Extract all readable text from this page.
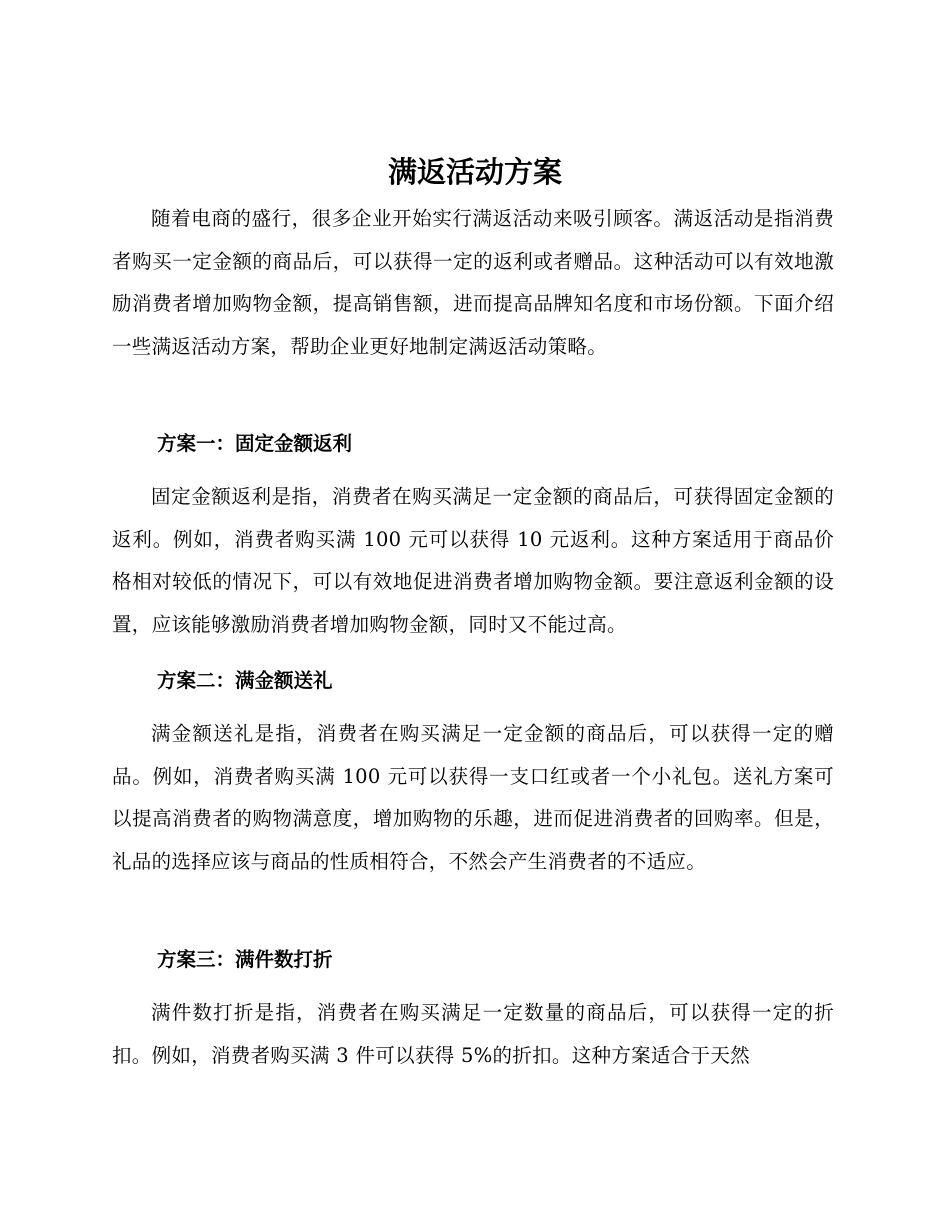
满返活动方案

随着电商的盛行，很多企业开始实行满返活动来吸引顾客。满返活动是指消费者购买一定金额的商品后，可以获得一定的返利或者赠品。这种活动可以有效地激励消费者增加购物金额，提高销售额，进而提高品牌知名度和市场份额。下面介绍一些满返活动方案，帮助企业更好地制定满返活动策略。

方案一：固定金额返利

固定金额返利是指，消费者在购买满足一定金额的商品后，可获得固定金额的返利。例如，消费者购买满 100 元可以获得 10 元返利。这种方案适用于商品价格相对较低的情况下，可以有效地促进消费者增加购物金额。要注意返利金额的设置，应该能够激励消费者增加购物金额，同时又不能过高。

方案二：满金额送礼

满金额送礼是指，消费者在购买满足一定金额的商品后，可以获得一定的赠品。例如，消费者购买满 100 元可以获得一支口红或者一个小礼包。送礼方案可以提高消费者的购物满意度，增加购物的乐趣，进而促进消费者的回购率。但是，礼品的选择应该与商品的性质相符合，不然会产生消费者的不适应。

方案三：满件数打折

满件数打折是指，消费者在购买满足一定数量的商品后，可以获得一定的折扣。例如，消费者购买满 3 件可以获得 5%的折扣。这种方案适合于天然
